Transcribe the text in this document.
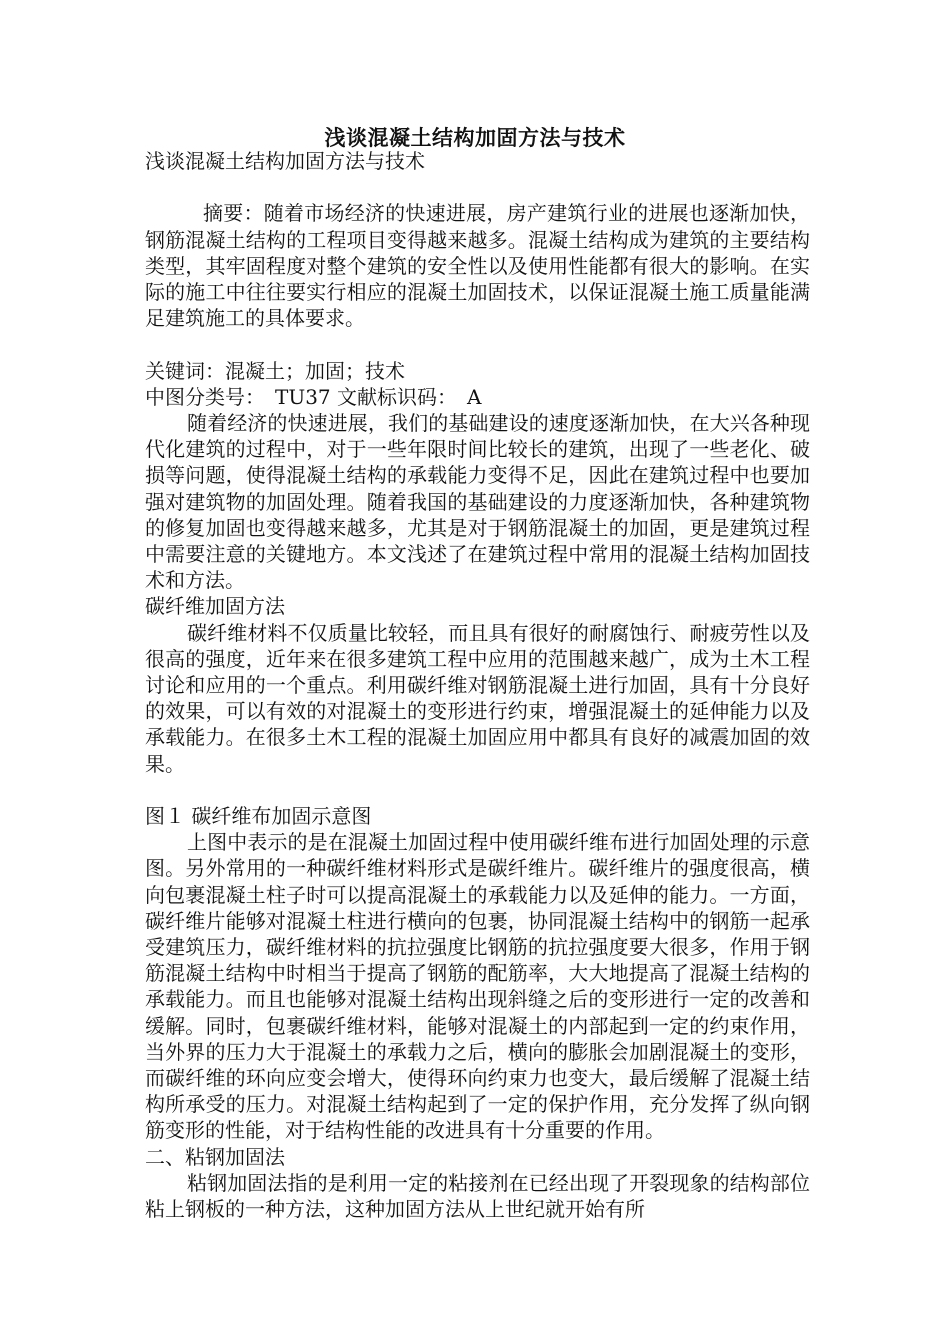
浅谈混凝土结构加固方法与技术

浅谈混凝土结构加固方法与技术

摘要：随着市场经济的快速进展，房产建筑行业的进展也逐渐加快，钢筋混凝土结构的工程项目变得越来越多。混凝土结构成为建筑的主要结构类型，其牢固程度对整个建筑的安全性以及使用性能都有很大的影响。在实际的施工中往往要实行相应的混凝土加固技术，以保证混凝土施工质量能满足建筑施工的具体要求。

关键词：混凝土；加固；技术

中图分类号：　TU37 文献标识码：　A

随着经济的快速进展，我们的基础建设的速度逐渐加快，在大兴各种现代化建筑的过程中，对于一些年限时间比较长的建筑，出现了一些老化、破损等问题，使得混凝土结构的承载能力变得不足，因此在建筑过程中也要加强对建筑物的加固处理。随着我国的基础建设的力度逐渐加快，各种建筑物的修复加固也变得越来越多，尤其是对于钢筋混凝土的加固，更是建筑过程中需要注意的关键地方。本文浅述了在建筑过程中常用的混凝土结构加固技术和方法。

碳纤维加固方法

碳纤维材料不仅质量比较轻，而且具有很好的耐腐蚀行、耐疲劳性以及很高的强度，近年来在很多建筑工程中应用的范围越来越广，成为土木工程讨论和应用的一个重点。利用碳纤维对钢筋混凝土进行加固，具有十分良好的效果，可以有效的对混凝土的变形进行约束，增强混凝土的延伸能力以及承载能力。在很多土木工程的混凝土加固应用中都具有良好的减震加固的效果。

图１ 碳纤维布加固示意图

上图中表示的是在混凝土加固过程中使用碳纤维布进行加固处理的示意图。另外常用的一种碳纤维材料形式是碳纤维片。碳纤维片的强度很高，横向包裹混凝土柱子时可以提高混凝土的承载能力以及延伸的能力。一方面，碳纤维片能够对混凝土柱进行横向的包裹，协同混凝土结构中的钢筋一起承受建筑压力，碳纤维材料的抗拉强度比钢筋的抗拉强度要大很多，作用于钢筋混凝土结构中时相当于提高了钢筋的配筋率，大大地提高了混凝土结构的承载能力。而且也能够对混凝土结构出现斜缝之后的变形进行一定的改善和缓解。同时，包裹碳纤维材料，能够对混凝土的内部起到一定的约束作用，当外界的压力大于混凝土的承载力之后，横向的膨胀会加剧混凝土的变形，而碳纤维的环向应变会增大，使得环向约束力也变大，最后缓解了混凝土结构所承受的压力。对混凝土结构起到了一定的保护作用，充分发挥了纵向钢筋变形的性能，对于结构性能的改进具有十分重要的作用。

二、粘钢加固法

粘钢加固法指的是利用一定的粘接剂在已经出现了开裂现象的结构部位粘上钢板的一种方法，这种加固方法从上世纪就开始有所
